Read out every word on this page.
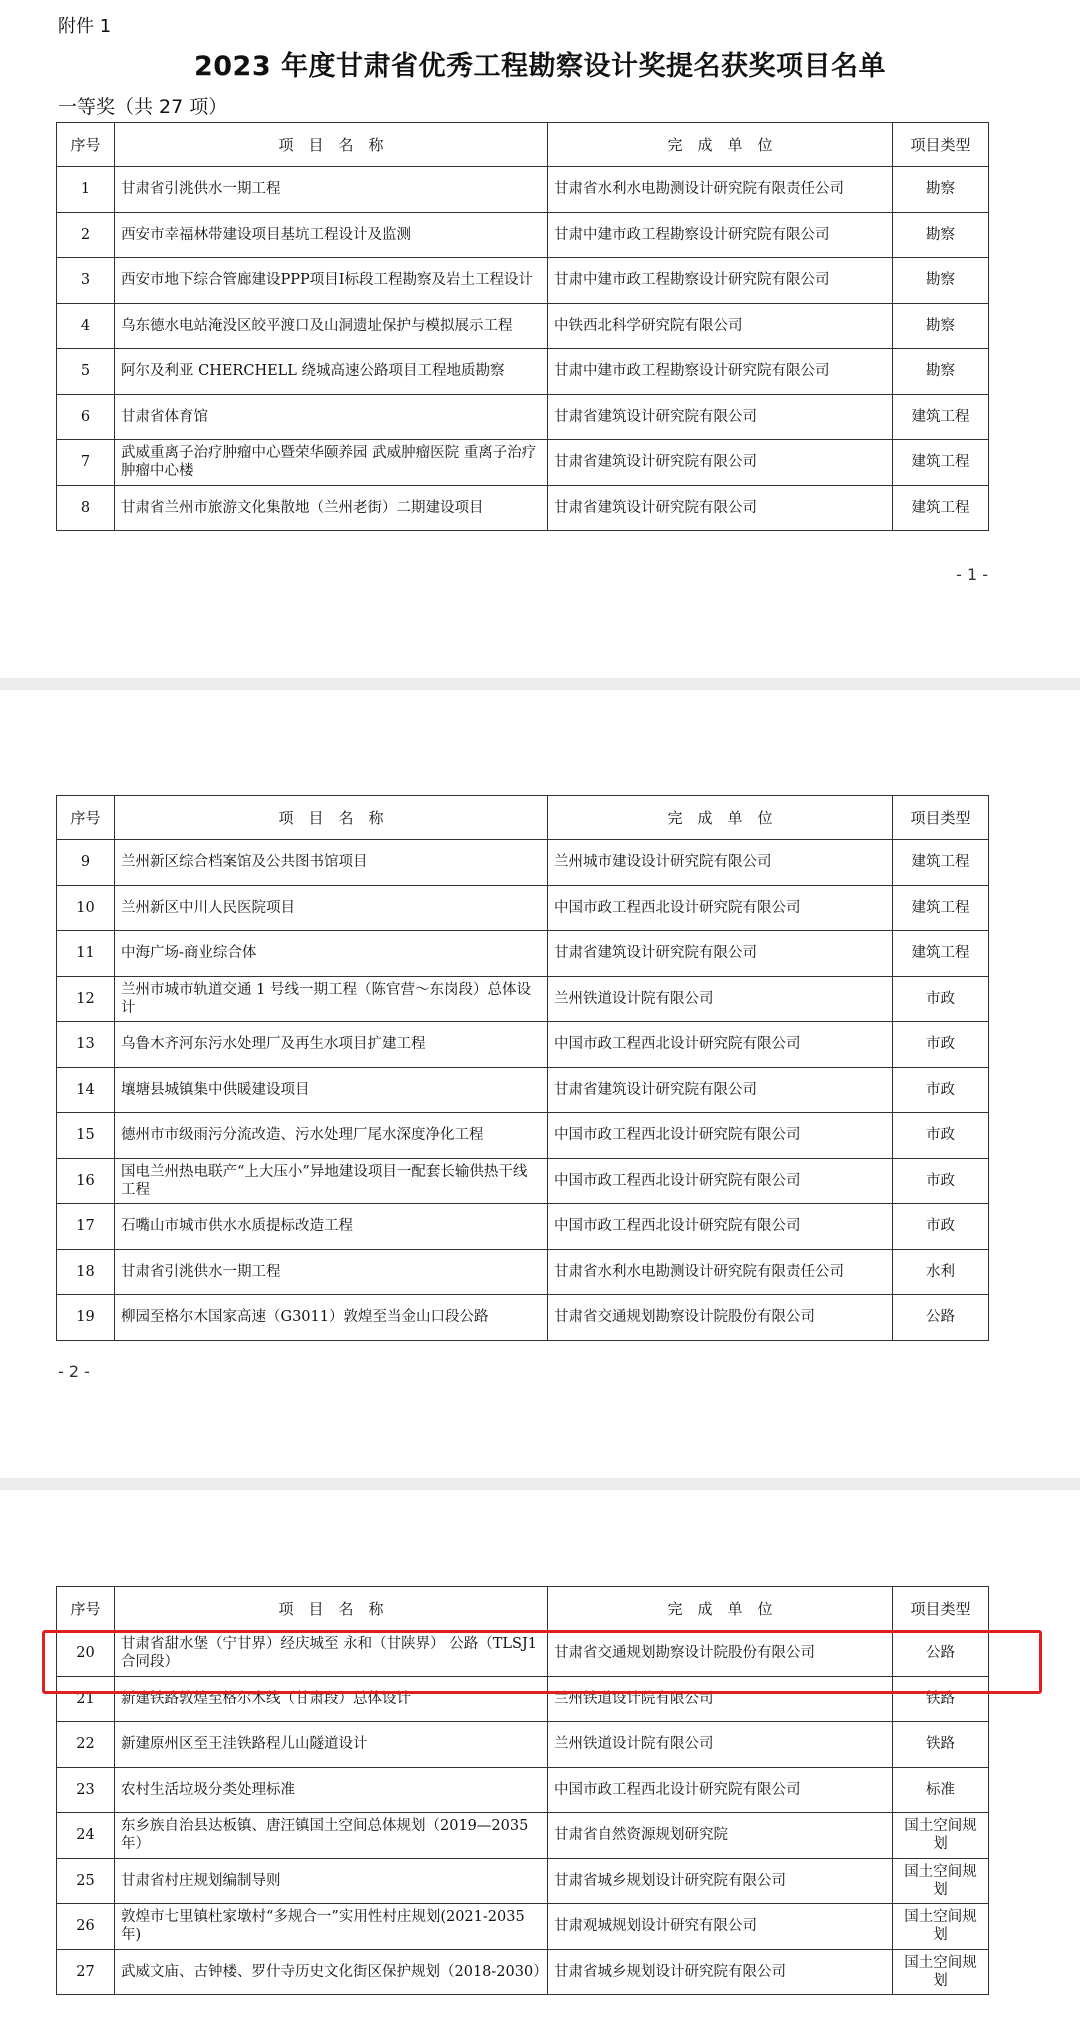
附件 1
2023 年度甘肃省优秀工程勘察设计奖提名获奖项目名单
一等奖（共 27 项）
序号	项　目　名　称	完　成　单　位	项目类型
1	甘肃省引洮供水一期工程	甘肃省水利水电勘测设计研究院有限责任公司	勘察
2	西安市幸福林带建设项目基坑工程设计及监测	甘肃中建市政工程勘察设计研究院有限公司	勘察
3	西安市地下综合管廊建设PPP项目I标段工程勘察及岩土工程设计	甘肃中建市政工程勘察设计研究院有限公司	勘察
4	乌东德水电站淹没区皎平渡口及山洞遗址保护与模拟展示工程	中铁西北科学研究院有限公司	勘察
5	阿尔及利亚 CHERCHELL 绕城高速公路项目工程地质勘察	甘肃中建市政工程勘察设计研究院有限公司	勘察
6	甘肃省体育馆	甘肃省建筑设计研究院有限公司	建筑工程
7	武威重离子治疗肿瘤中心暨荣华颐养园 武威肿瘤医院 重离子治疗肿瘤中心楼	甘肃省建筑设计研究院有限公司	建筑工程
8	甘肃省兰州市旅游文化集散地（兰州老街）二期建设项目	甘肃省建筑设计研究院有限公司	建筑工程
- 1 -
序号	项　目　名　称	完　成　单　位	项目类型
9	兰州新区综合档案馆及公共图书馆项目	兰州城市建设设计研究院有限公司	建筑工程
10	兰州新区中川人民医院项目	中国市政工程西北设计研究院有限公司	建筑工程
11	中海广场-商业综合体	甘肃省建筑设计研究院有限公司	建筑工程
12	兰州市城市轨道交通 1 号线一期工程（陈官营～东岗段）总体设计	兰州铁道设计院有限公司	市政
13	乌鲁木齐河东污水处理厂及再生水项目扩建工程	中国市政工程西北设计研究院有限公司	市政
14	壤塘县城镇集中供暖建设项目	甘肃省建筑设计研究院有限公司	市政
15	德州市市级雨污分流改造、污水处理厂尾水深度净化工程	中国市政工程西北设计研究院有限公司	市政
16	国电兰州热电联产“上大压小”异地建设项目一配套长输供热干线工程	中国市政工程西北设计研究院有限公司	市政
17	石嘴山市城市供水水质提标改造工程	中国市政工程西北设计研究院有限公司	市政
18	甘肃省引洮供水一期工程	甘肃省水利水电勘测设计研究院有限责任公司	水利
19	柳园至格尔木国家高速（G3011）敦煌至当金山口段公路	甘肃省交通规划勘察设计院股份有限公司	公路
- 2 -
序号	项　目　名　称	完　成　单　位	项目类型
20	甘肃省甜水堡（宁甘界）经庆城至 永和（甘陕界） 公路（TLSJ1 合同段）	甘肃省交通规划勘察设计院股份有限公司	公路
21	新建铁路敦煌至格尔木线（甘肃段）总体设计	兰州铁道设计院有限公司	铁路
22	新建原州区至王洼铁路程儿山隧道设计	兰州铁道设计院有限公司	铁路
23	农村生活垃圾分类处理标准	中国市政工程西北设计研究院有限公司	标准
24	东乡族自治县达板镇、唐汪镇国土空间总体规划（2019—2035 年）	甘肃省自然资源规划研究院	国土空间规划
25	甘肃省村庄规划编制导则	甘肃省城乡规划设计研究院有限公司	国土空间规划
26	敦煌市七里镇杜家墩村“多规合一”实用性村庄规划(2021-2035 年)	甘肃观城规划设计研究有限公司	国土空间规划
27	武威文庙、古钟楼、罗什寺历史文化街区保护规划（2018-2030）	甘肃省城乡规划设计研究院有限公司	国土空间规划
